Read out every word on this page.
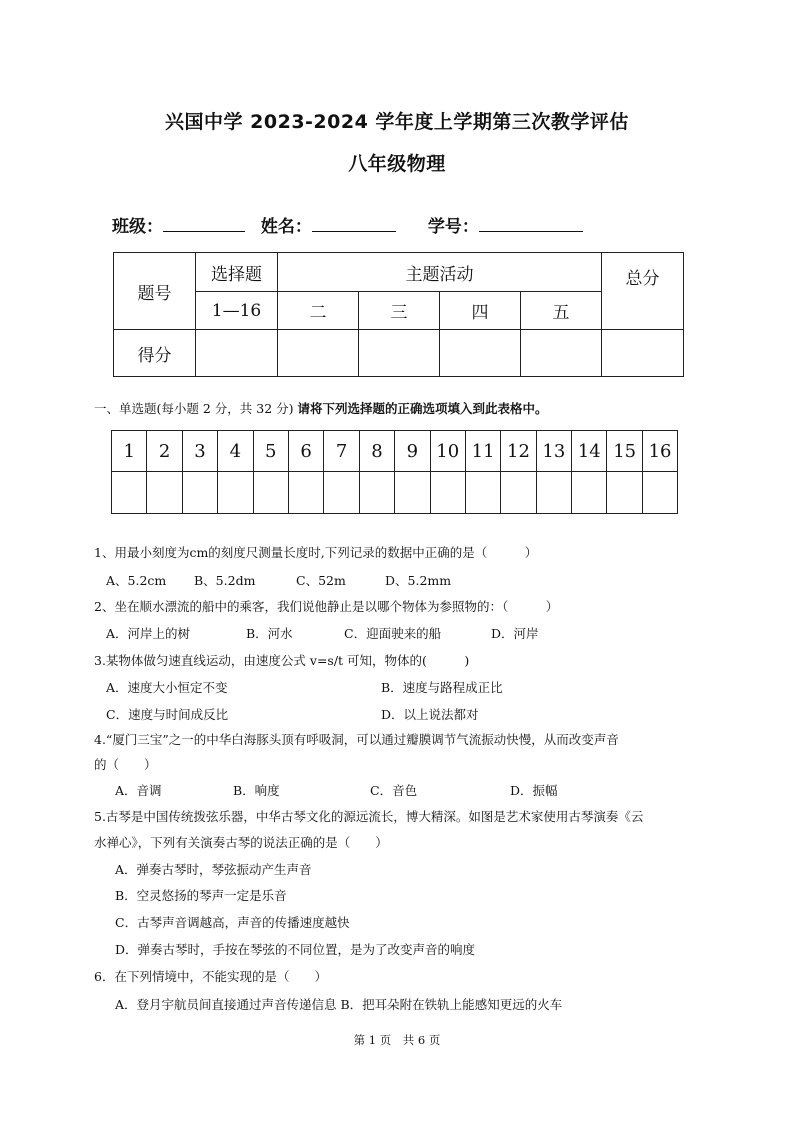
兴国中学 2023-2024 学年度上学期第三次教学评估
八年级物理
班级：	姓名：	学号：
题号	选择题	主题活动				总分
	1—16	二	三	四	五	
得分						
一、单选题(每小题 2 分，共 32 分) 请将下列选择题的正确选项填入到此表格中。
1	2	3	4	5	6	7	8	9	10	11	12	13	14	15	16

1、用最小刻度为cm的刻度尺测量长度时,下列记录的数据中正确的是（　　　）
A、5.2cm B、5.2dm	C、52m	D、5.2mm
2、坐在顺水漂流的船中的乘客，我们说他静止是以哪个物体为参照物的：（　　　）
A．河岸上的树	B．河水	C．迎面驶来的船	D．河岸
3.某物体做匀速直线运动，由速度公式 v=s/t 可知，物体的(　　　)
A．速度大小恒定不变	B．速度与路程成正比
C．速度与时间成反比	D．以上说法都对
4.“厦门三宝”之一的中华白海豚头顶有呼吸洞，可以通过瓣膜调节气流振动快慢，从而改变声音
的（　　）
A．音调	B．响度	C．音色	D．振幅
5.古琴是中国传统拨弦乐器，中华古琴文化的源远流长，博大精深。如图是艺术家使用古琴演奏《云
水禅心》，下列有关演奏古琴的说法正确的是（　　）
A．弹奏古琴时，琴弦振动产生声音
B．空灵悠扬的琴声一定是乐音
C．古琴声音调越高，声音的传播速度越快
D．弹奏古琴时，手按在琴弦的不同位置，是为了改变声音的响度
6．在下列情境中，不能实现的是（　　）
A．登月宇航员间直接通过声音传递信息 B．把耳朵附在铁轨上能感知更远的火车
第 1 页　共 6 页
